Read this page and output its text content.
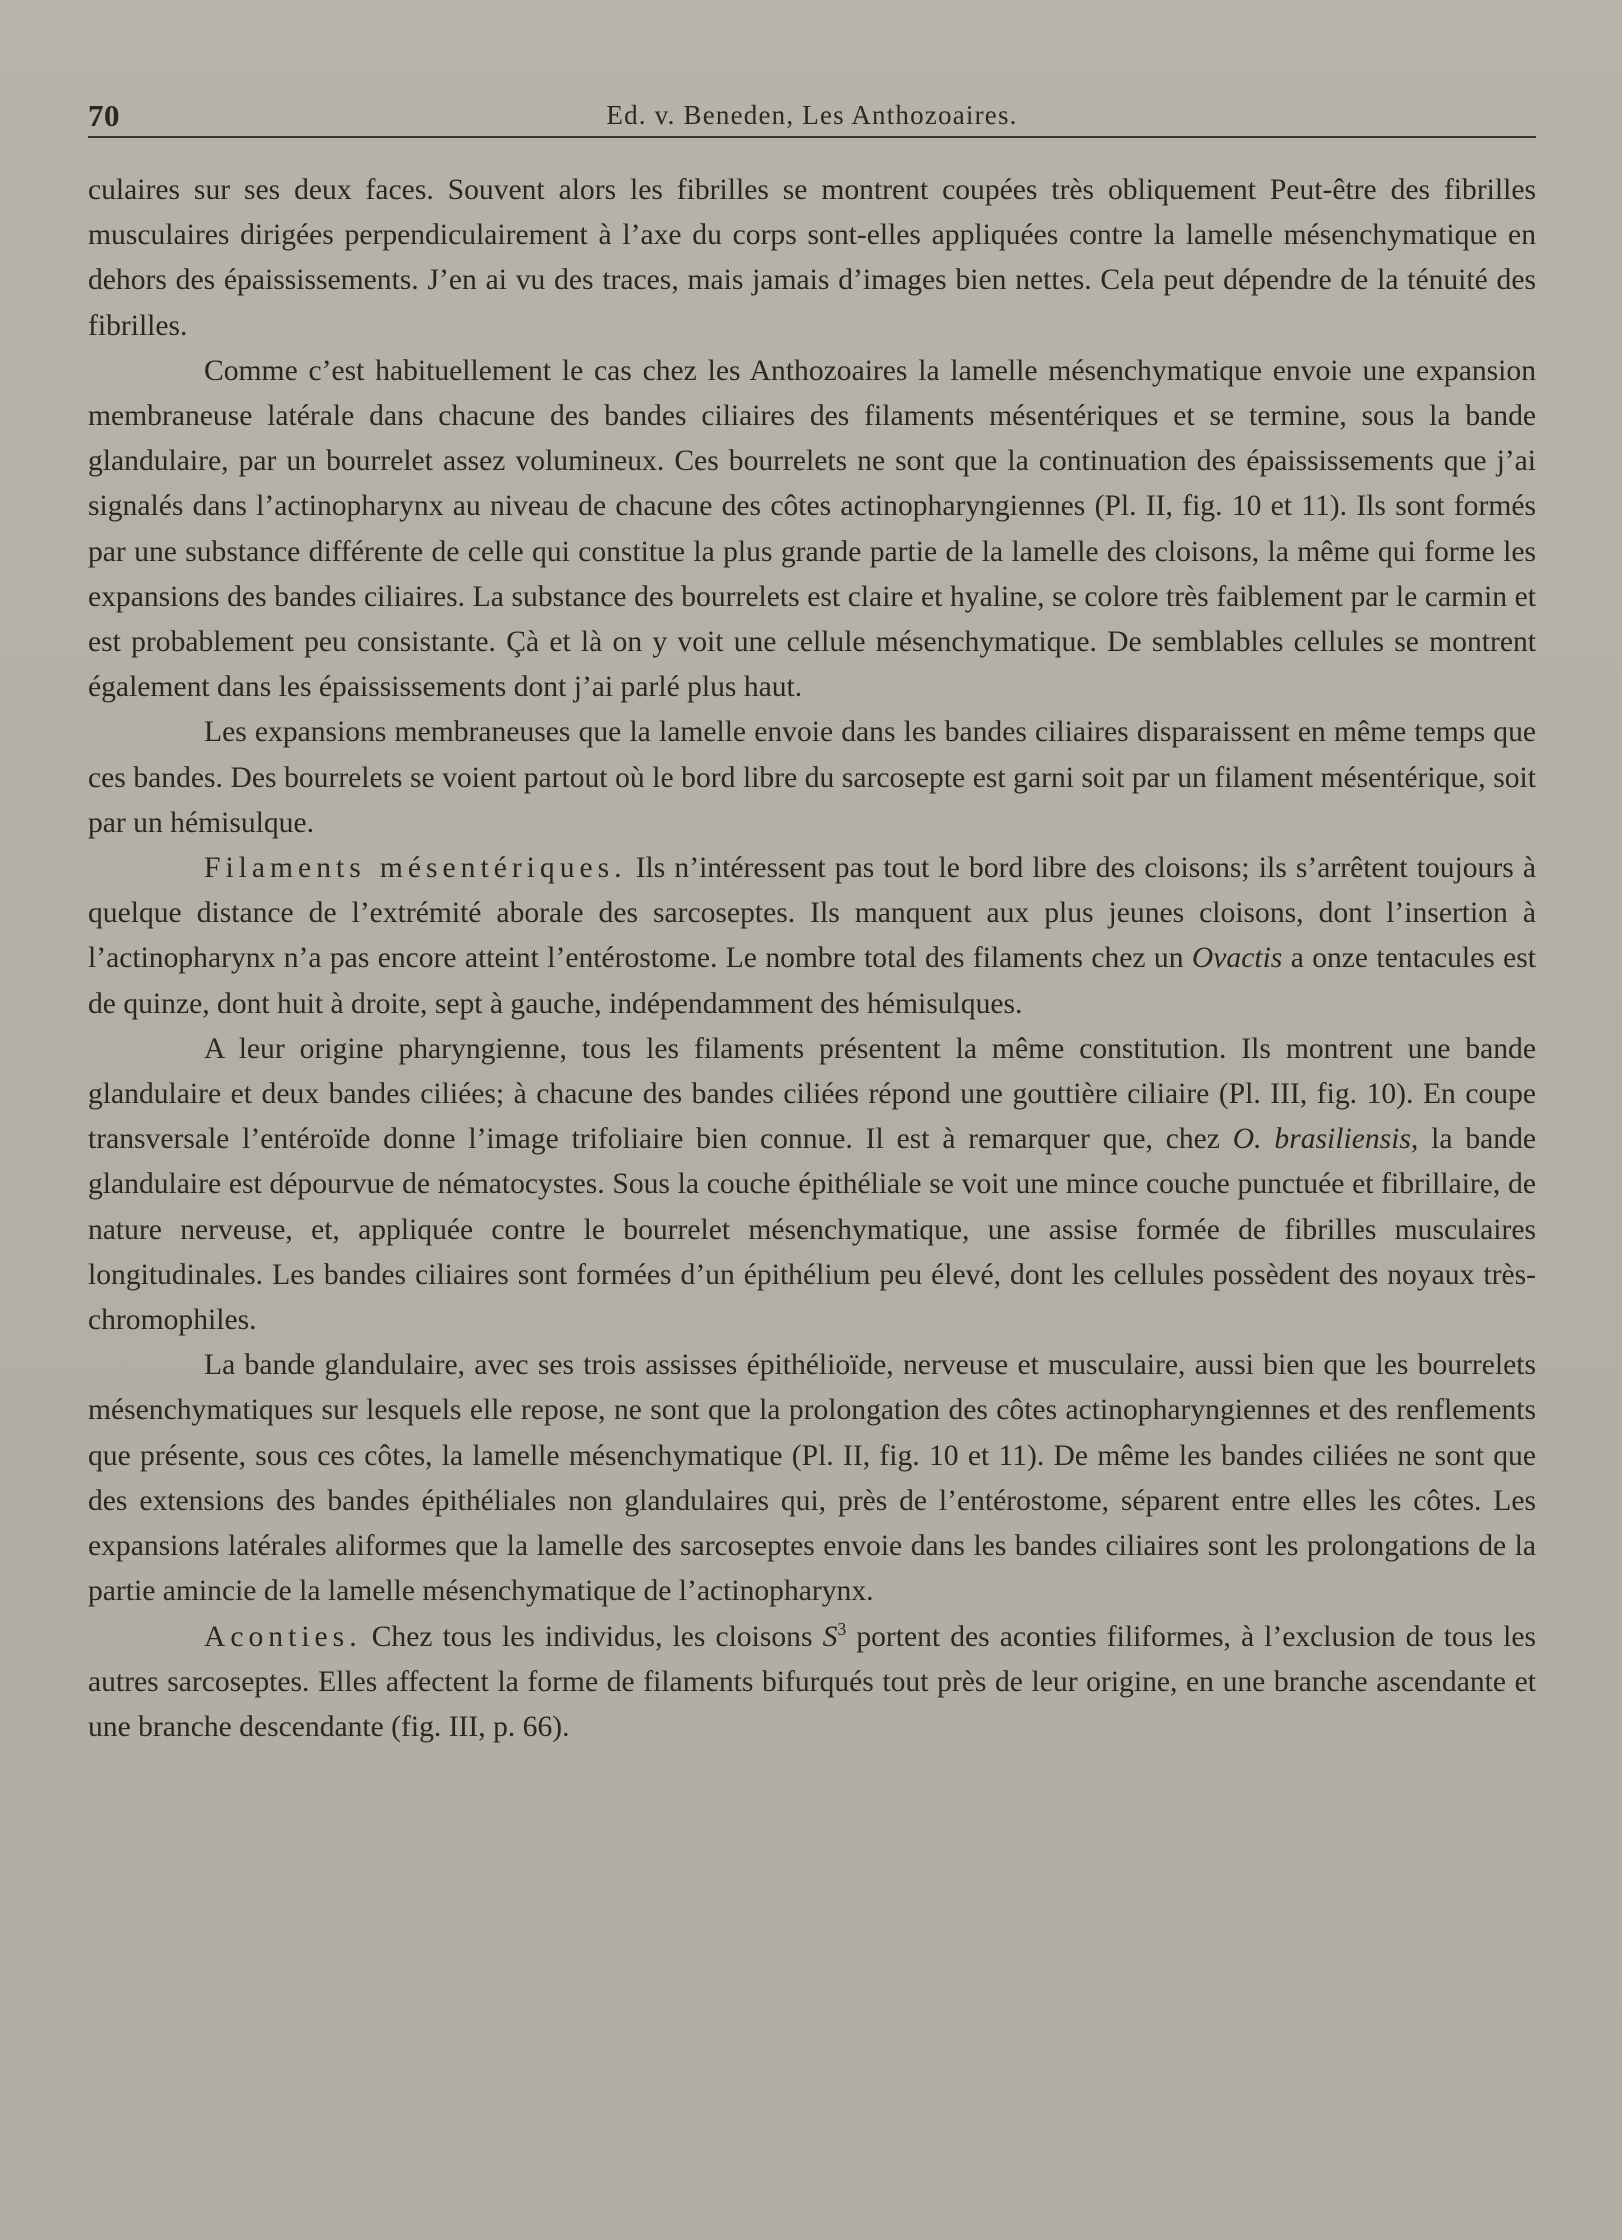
70	Ed. v. Beneden, Les Anthozoaires.

culaires sur ses deux faces. Souvent alors les fibrilles se montrent coupées très obliquement Peut-être des fibrilles musculaires dirigées perpendiculairement à l’axe du corps sont-elles appliquées contre la lamelle mésenchymatique en dehors des épaississements. J’en ai vu des traces, mais jamais d’images bien nettes. Cela peut dépendre de la ténuité des fibrilles.

Comme c’est habituellement le cas chez les Anthozoaires la lamelle mésenchymatique envoie une expansion membraneuse latérale dans chacune des bandes ciliaires des filaments mésentériques et se termine, sous la bande glandulaire, par un bourrelet assez volumineux. Ces bourrelets ne sont que la continuation des épaississements que j’ai signalés dans l’actinopharynx au niveau de chacune des côtes actinopharyngiennes (Pl. II, fig. 10 et 11). Ils sont formés par une substance différente de celle qui constitue la plus grande partie de la lamelle des cloisons, la même qui forme les expansions des bandes ciliaires. La substance des bourrelets est claire et hyaline, se colore très faiblement par le carmin et est probablement peu consistante. Çà et là on y voit une cellule mésenchymatique. De semblables cellules se montrent également dans les épaississements dont j’ai parlé plus haut.

Les expansions membraneuses que la lamelle envoie dans les bandes ciliaires disparaissent en même temps que ces bandes. Des bourrelets se voient partout où le bord libre du sarcosepte est garni soit par un filament mésentérique, soit par un hémisulque.

Filaments mésentériques. Ils n’intéressent pas tout le bord libre des cloisons; ils s’arrêtent toujours à quelque distance de l’extrémité aborale des sarcoseptes. Ils manquent aux plus jeunes cloisons, dont l’insertion à l’actinopharynx n’a pas encore atteint l’entérostome. Le nombre total des filaments chez un Ovactis a onze tentacules est de quinze, dont huit à droite, sept à gauche, indépendamment des hémisulques.

A leur origine pharyngienne, tous les filaments présentent la même constitution. Ils montrent une bande glandulaire et deux bandes ciliées; à chacune des bandes ciliées répond une gouttière ciliaire (Pl. III, fig. 10). En coupe transversale l’entéroïde donne l’image trifoliaire bien connue. Il est à remarquer que, chez O. brasiliensis, la bande glandulaire est dépourvue de nématocystes. Sous la couche épithéliale se voit une mince couche punctuée et fibrillaire, de nature nerveuse, et, appliquée contre le bourrelet mésenchymatique, une assise formée de fibrilles musculaires longitudinales. Les bandes ciliaires sont formées d’un épithélium peu élevé, dont les cellules possèdent des noyaux très-chromophiles.

La bande glandulaire, avec ses trois assisses épithélioïde, nerveuse et musculaire, aussi bien que les bourrelets mésenchymatiques sur lesquels elle repose, ne sont que la prolongation des côtes actinopharyngiennes et des renflements que présente, sous ces côtes, la lamelle mésenchymatique (Pl. II, fig. 10 et 11). De même les bandes ciliées ne sont que des extensions des bandes épithéliales non glandulaires qui, près de l’entérostome, séparent entre elles les côtes. Les expansions latérales aliformes que la lamelle des sarcoseptes envoie dans les bandes ciliaires sont les prolongations de la partie amincie de la lamelle mésenchymatique de l’actinopharynx.

Aconties. Chez tous les individus, les cloisons $S^3$ portent des aconties filiformes, à l’exclusion de tous les autres sarcoseptes. Elles affectent la forme de filaments bifurqués tout près de leur origine, en une branche ascendante et une branche descendante (fig. III, p. 66).
